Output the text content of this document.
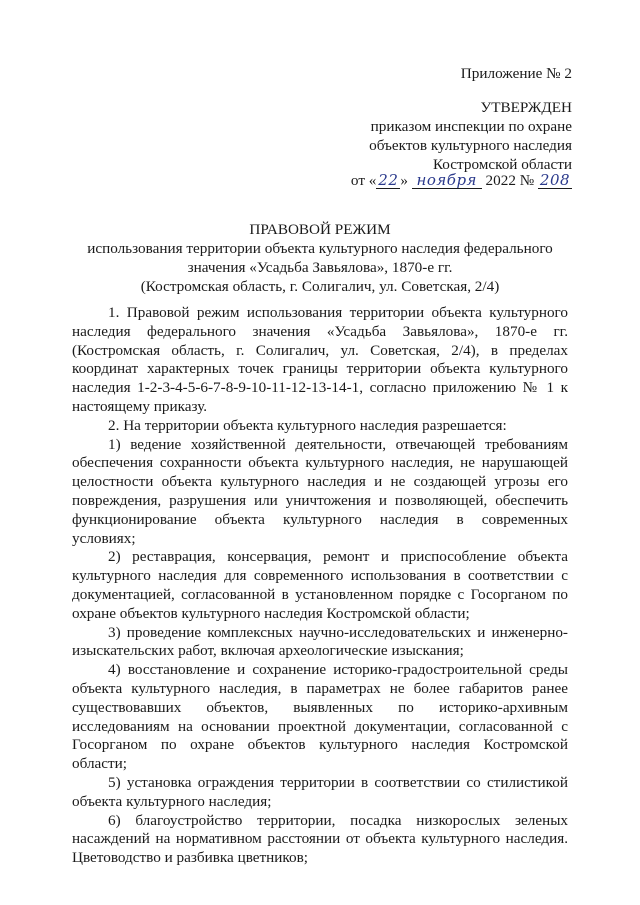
Приложение № 2
УТВЕРЖДЕН
приказом инспекции по охране
объектов культурного наследия
Костромской области
от « 22 » ноября 2022 № 208
ПРАВОВОЙ РЕЖИМ
использования территории объекта культурного наследия федерального
значения «Усадьба Завьялова», 1870-е гг.
(Костромская область, г. Солигалич, ул. Советская, 2/4)
1. Правовой режим использования территории объекта культурного
наследия федерального значения «Усадьба Завьялова», 1870-е гг.
(Костромская область, г. Солигалич, ул. Советская, 2/4), в пределах
координат характерных точек границы территории объекта культурного
наследия 1-2-3-4-5-6-7-8-9-10-11-12-13-14-1, согласно приложению № 1 к
настоящему приказу.
2. На территории объекта культурного наследия разрешается:
1) ведение хозяйственной деятельности, отвечающей требованиям
обеспечения сохранности объекта культурного наследия, не нарушающей
целостности объекта культурного наследия и не создающей угрозы его
повреждения, разрушения или уничтожения и позволяющей, обеспечить
функционирование объекта культурного наследия в современных
условиях;
2) реставрация, консервация, ремонт и приспособление объекта
культурного наследия для современного использования в соответствии с
документацией, согласованной в установленном порядке с Госорганом по
охране объектов культурного наследия Костромской области;
3) проведение комплексных научно-исследовательских и инженерно-
изыскательских работ, включая археологические изыскания;
4) восстановление и сохранение историко-градостроительной среды
объекта культурного наследия, в параметрах не более габаритов ранее
существовавших объектов, выявленных по историко-архивным
исследованиям на основании проектной документации, согласованной с
Госорганом по охране объектов культурного наследия Костромской
области;
5) установка ограждения территории в соответствии со стилистикой
объекта культурного наследия;
6) благоустройство территории, посадка низкорослых зеленых
насаждений на нормативном расстоянии от объекта культурного наследия.
Цветоводство и разбивка цветников;
